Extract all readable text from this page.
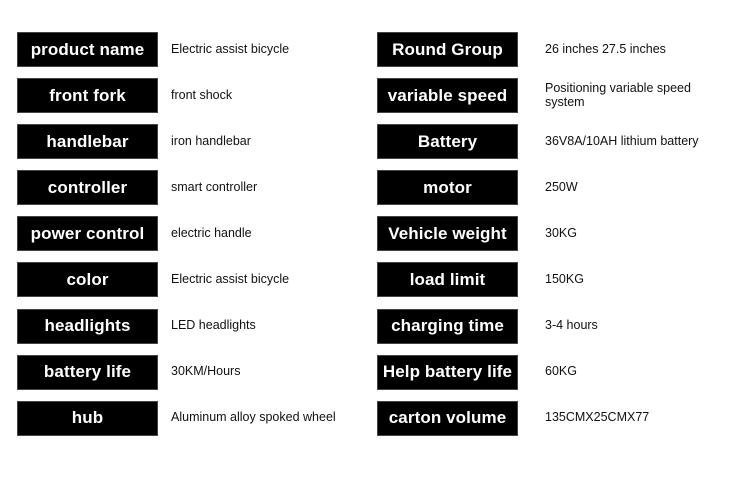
product name	Electric assist bicycle
front fork	front shock
handlebar	iron handlebar
controller	smart controller
power control	electric handle
color	Electric assist bicycle
headlights	LED headlights
battery life	30KM/Hours
hub	Aluminum alloy spoked wheel
Round Group	26 inches 27.5 inches
variable speed	Positioning variable speed system
Battery	36V8A/10AH lithium battery
motor	250W
Vehicle weight	30KG
load limit	150KG
charging time	3-4 hours
Help battery life	60KG
carton volume	135CMX25CMX77
